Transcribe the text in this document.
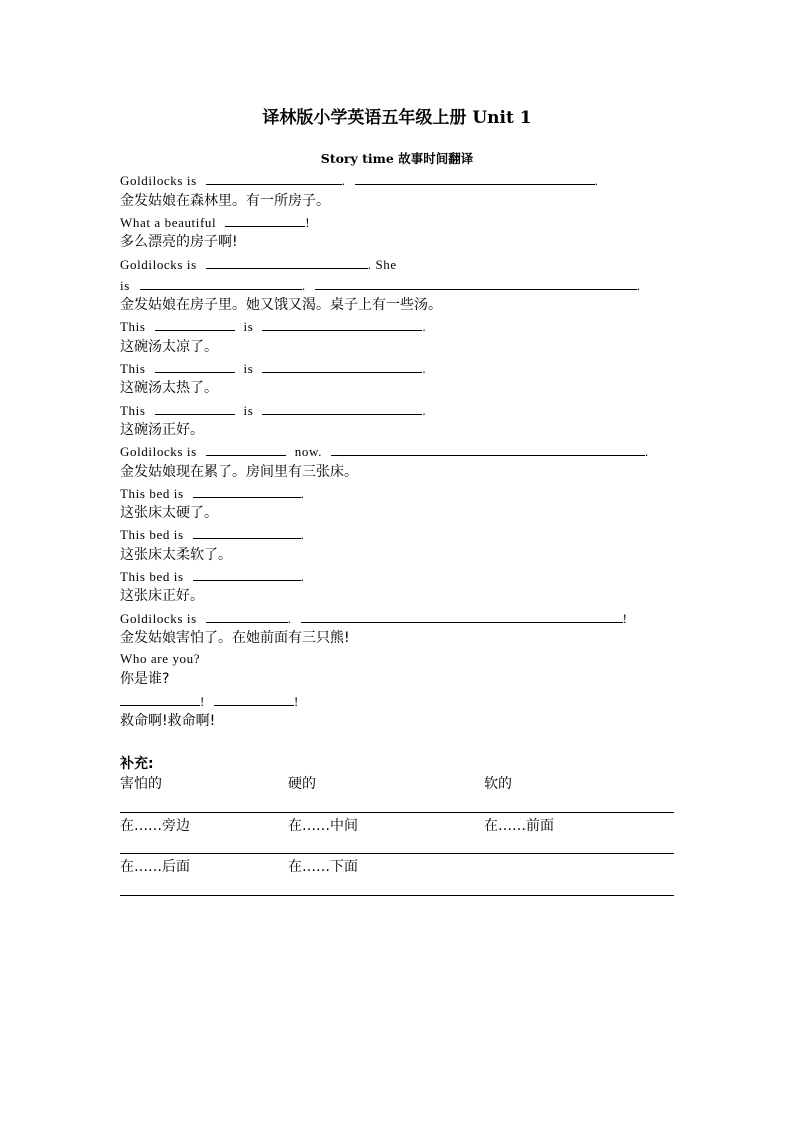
译林版小学英语五年级上册 Unit 1
Story time 故事时间翻译
Goldilocks is	.	.
金发姑娘在森林里。有一所房子。
What a beautiful	!
多么漂亮的房子啊!
Goldilocks is	. She
is	.	.
金发姑娘在房子里。她又饿又渴。桌子上有一些汤。
This	is	.
这碗汤太凉了。
This	is	.
这碗汤太热了。
This	is	.
这碗汤正好。
Goldilocks is	now.	.
金发姑娘现在累了。房间里有三张床。
This bed is	.
这张床太硬了。
This bed is	.
这张床太柔软了。
This bed is	.
这张床正好。
Goldilocks is	.	!
金发姑娘害怕了。在她前面有三只熊!
Who are you?
你是谁?
!	!
救命啊!救命啊!
补充:
害怕的	硬的	软的
在……旁边	在……中间	在……前面
在……后面	在……下面
